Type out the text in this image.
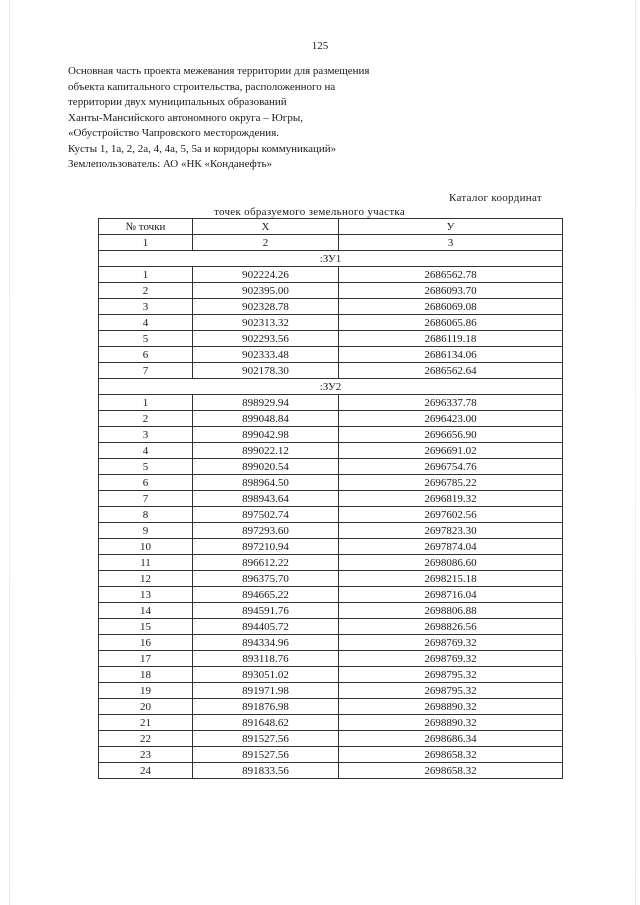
125
Основная часть проекта межевания территории для размещения
объекта капитального строительства, расположенного на
территории двух муниципальных образований
Ханты-Мансийского автономного округа – Югры,
«Обустройство Чапровского месторождения.
Кусты 1, 1а, 2, 2а, 4, 4а, 5, 5а и коридоры коммуникаций»
Землепользователь: АО «НК «Конданефть»
Каталог координат
точек образуемого земельного участка
№ точки	Х	У
1	2	3
:ЗУ1		
1	902224.26	2686562.78
2	902395.00	2686093.70
3	902328.78	2686069.08
4	902313.32	2686065.86
5	902293.56	2686119.18
6	902333.48	2686134.06
7	902178.30	2686562.64
:ЗУ2		
1	898929.94	2696337.78
2	899048.84	2696423.00
3	899042.98	2696656.90
4	899022.12	2696691.02
5	899020.54	2696754.76
6	898964.50	2696785.22
7	898943.64	2696819.32
8	897502.74	2697602.56
9	897293.60	2697823.30
10	897210.94	2697874.04
11	896612.22	2698086.60
12	896375.70	2698215.18
13	894665.22	2698716.04
14	894591.76	2698806.88
15	894405.72	2698826.56
16	894334.96	2698769.32
17	893118.76	2698769.32
18	893051.02	2698795.32
19	891971.98	2698795.32
20	891876.98	2698890.32
21	891648.62	2698890.32
22	891527.56	2698686.34
23	891527.56	2698658.32
24	891833.56	2698658.32
